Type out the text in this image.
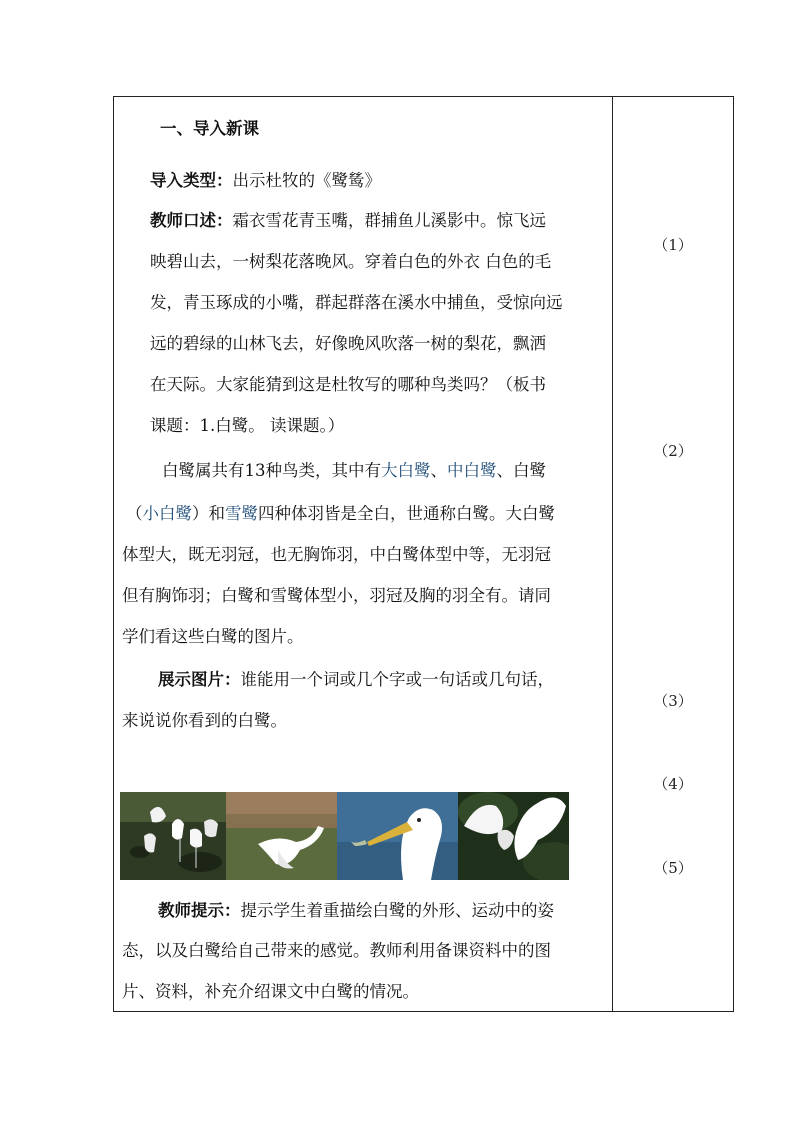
一、导入新课
导入类型：出示杜牧的《鹭鸶》
教师口述：霜衣雪花青玉嘴，群捕鱼儿溪影中。惊飞远
映碧山去，一树梨花落晚风。穿着白色的外衣 白色的毛
发，青玉琢成的小嘴，群起群落在溪水中捕鱼，受惊向远
远的碧绿的山林飞去，好像晚风吹落一树的梨花，飘洒
在天际。大家能猜到这是杜牧写的哪种鸟类吗？（板书
课题：1.白鹭。 读课题。）
白鹭属共有13种鸟类，其中有大白鹭、中白鹭、白鹭
（小白鹭）和雪鹭四种体羽皆是全白，世通称白鹭。大白鹭
体型大，既无羽冠，也无胸饰羽，中白鹭体型中等，无羽冠
但有胸饰羽；白鹭和雪鹭体型小，羽冠及胸的羽全有。请同
学们看这些白鹭的图片。
展示图片：谁能用一个词或几个字或一句话或几句话，
来说说你看到的白鹭。
教师提示：提示学生着重描绘白鹭的外形、运动中的姿
态，以及白鹭给自己带来的感觉。教师利用备课资料中的图
片、资料，补充介绍课文中白鹭的情况。
（1）
（2）
（3）
（4）
（5）
